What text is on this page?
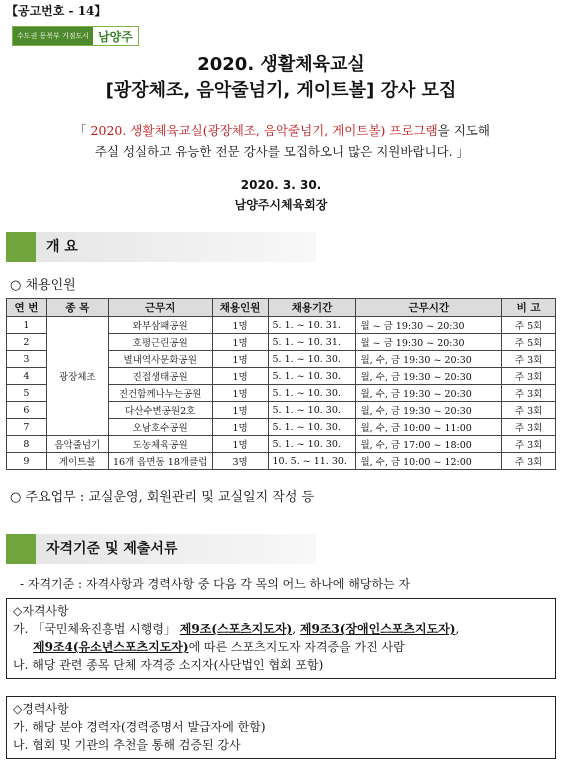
【공고번호 - 14】
수도권 동북부 거점도시 남양주
2020. 생활체육교실
[광장체조, 음악줄넘기, 게이트볼] 강사 모집
「 2020. 생활체육교실(광장체조, 음악줄넘기, 게이트볼) 프로그램을 지도해
주실 성실하고 유능한 전문 강사를 모집하오니 많은 지원바랍니다. 」
2020. 3. 30.
남양주시체육회장
개 요
○ 채용인원
연 번	종 목	근무지	채용인원	채용기간	근무시간	비 고
1	광장체조	와부삼패공원	1명	5. 1. ~ 10. 31.	월 ~ 금 19:30 ~ 20:30	주 5회
2		호평근린공원	1명	5. 1. ~ 10. 31.	월 ~ 금 19:30 ~ 20:30	주 5회
3		별내역사문화공원	1명	5. 1. ~ 10. 30.	월, 수, 금 19:30 ~ 20:30	주 3회
4		진접생태공원	1명	5. 1. ~ 10. 30.	월, 수, 금 19:30 ~ 20:30	주 3회
5		진건함께나누는공원	1명	5. 1. ~ 10. 30.	월, 수, 금 19:30 ~ 20:30	주 3회
6		다산수변공원2호	1명	5. 1. ~ 10. 30.	월, 수, 금 19:30 ~ 20:30	주 3회
7		오남호수공원	1명	5. 1. ~ 10. 30.	월, 수, 금 10:00 ~ 11:00	주 3회
8	음악줄넘기	도농체육공원	1명	5. 1. ~ 10. 30.	월, 수, 금 17:00 ~ 18:00	주 3회
9	게이트볼	16개 읍면동 18개클럽	3명	10. 5. ~ 11. 30.	월, 수, 금 10:00 ~ 12:00	주 3회
○ 주요업무 : 교실운영, 회원관리 및 교실일지 작성 등
자격기준 및 제출서류
- 자격기준 : 자격사항과 경력사항 중 다음 각 목의 어느 하나에 해당하는 자
◇자격사항
가. 「국민체육진흥법 시행령」 제9조(스포츠지도자), 제9조3(장애인스포츠지도자),
제9조4(유소년스포츠지도자)에 따른 스포츠지도자 자격증을 가진 사람
나. 해당 관련 종목 단체 자격증 소지자(사단법인 협회 포함)
◇경력사항
가. 해당 분야 경력자(경력증명서 발급자에 한함)
나. 협회 및 기관의 추천을 통해 검증된 강사
